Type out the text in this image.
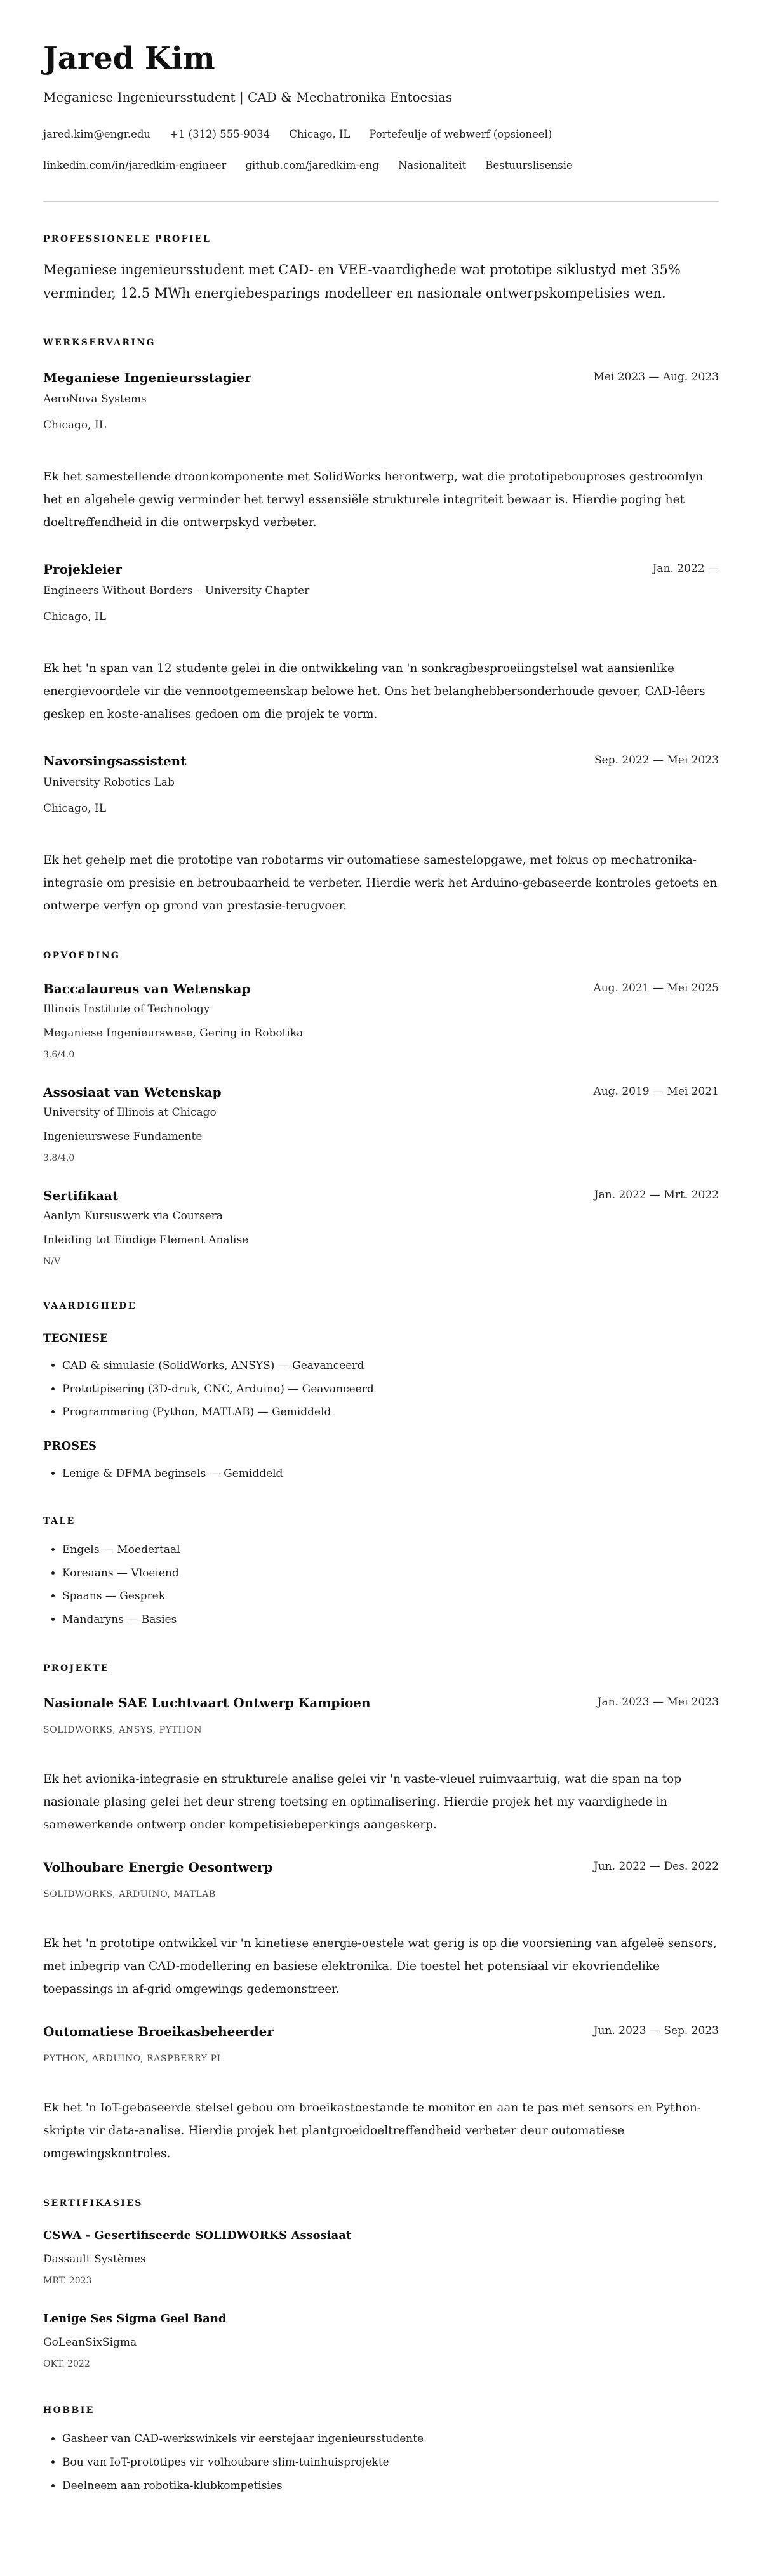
Jared Kim
Meganiese Ingenieursstudent | CAD & Mechatronika Entoesias
jared.kim@engr.edu +1 (312) 555-9034 Chicago, IL Portefeulje of webwerf (opsioneel)
linkedin.com/in/jaredkim-engineer github.com/jaredkim-eng Nasionaliteit Bestuurslisensie
PROFESSIONELE PROFIEL
Meganiese ingenieursstudent met CAD- en VEE-vaardighede wat prototipe siklustyd met 35% verminder, 12.5 MWh energiebesparings modelleer en nasionale ontwerpskompetisies wen.
WERKSERVARING
Meganiese Ingenieursstagier	Mei 2023 — Aug. 2023
AeroNova Systems
Chicago, IL
Ek het samestellende droonkomponente met SolidWorks herontwerp, wat die prototipebouproses gestroomlyn het en algehele gewig verminder het terwyl essensiële strukturele integriteit bewaar is. Hierdie poging het doeltreffendheid in die ontwerpskyd verbeter.
Projekleier	Jan. 2022 —
Engineers Without Borders – University Chapter
Chicago, IL
Ek het 'n span van 12 studente gelei in die ontwikkeling van 'n sonkragbesproeiingstelsel wat aansienlike energievoordele vir die vennootgemeenskap belowe het. Ons het belanghebbersonderhoude gevoer, CAD-lêers geskep en koste-analises gedoen om die projek te vorm.
Navorsingsassistent	Sep. 2022 — Mei 2023
University Robotics Lab
Chicago, IL
Ek het gehelp met die prototipe van robotarms vir outomatiese samestelopgawe, met fokus op mechatronika-integrasie om presisie en betroubaarheid te verbeter. Hierdie werk het Arduino-gebaseerde kontroles getoets en ontwerpe verfyn op grond van prestasie-terugvoer.
OPVOEDING
Baccalaureus van Wetenskap	Aug. 2021 — Mei 2025
Illinois Institute of Technology
Meganiese Ingenieurswese, Gering in Robotika
3.6/4.0
Assosiaat van Wetenskap	Aug. 2019 — Mei 2021
University of Illinois at Chicago
Ingenieurswese Fundamente
3.8/4.0
Sertifikaat	Jan. 2022 — Mrt. 2022
Aanlyn Kursuswerk via Coursera
Inleiding tot Eindige Element Analise
N/V
VAARDIGHEDE
TEGNIESE
• CAD & simulasie (SolidWorks, ANSYS) — Geavanceerd
• Prototipisering (3D-druk, CNC, Arduino) — Geavanceerd
• Programmering (Python, MATLAB) — Gemiddeld
PROSES
• Lenige & DFMA beginsels — Gemiddeld
TALE
• Engels — Moedertaal
• Koreaans — Vloeiend
• Spaans — Gesprek
• Mandaryns — Basies
PROJEKTE
Nasionale SAE Luchtvaart Ontwerp Kampioen	Jan. 2023 — Mei 2023
SOLIDWORKS, ANSYS, PYTHON
Ek het avionika-integrasie en strukturele analise gelei vir 'n vaste-vleuel ruimvaartuig, wat die span na top nasionale plasing gelei het deur streng toetsing en optimalisering. Hierdie projek het my vaardighede in samewerkende ontwerp onder kompetisiebeperkings aangeskerp.
Volhoubare Energie Oesontwerp	Jun. 2022 — Des. 2022
SOLIDWORKS, ARDUINO, MATLAB
Ek het 'n prototipe ontwikkel vir 'n kinetiese energie-oestele wat gerig is op die voorsiening van afgeleë sensors, met inbegrip van CAD-modellering en basiese elektronika. Die toestel het potensiaal vir ekovriendelike toepassings in af-grid omgewings gedemonstreer.
Outomatiese Broeikasbeheerder	Jun. 2023 — Sep. 2023
PYTHON, ARDUINO, RASPBERRY PI
Ek het 'n IoT-gebaseerde stelsel gebou om broeikastoestande te monitor en aan te pas met sensors en Python-skripte vir data-analise. Hierdie projek het plantgroeidoeltreffendheid verbeter deur outomatiese omgewingskontroles.
SERTIFIKASIES
CSWA - Gesertifiseerde SOLIDWORKS Assosiaat
Dassault Systèmes
MRT. 2023
Lenige Ses Sigma Geel Band
GoLeanSixSigma
OKT. 2022
HOBBIE
• Gasheer van CAD-werkswinkels vir eerstejaar ingenieursstudente
• Bou van IoT-prototipes vir volhoubare slim-tuinhuisprojekte
• Deelneem aan robotika-klubkompetisies
